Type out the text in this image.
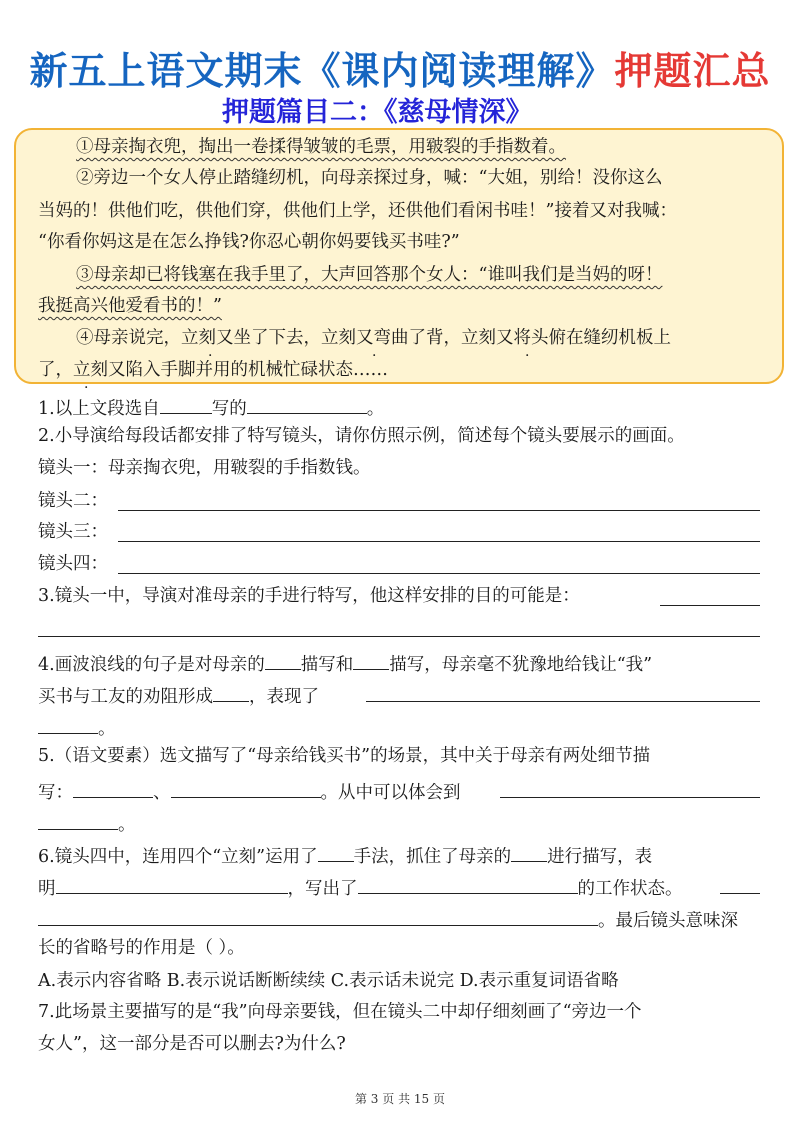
新五上语文期末《课内阅读理解》押题汇总
押题篇目二：《慈母情深》
①母亲掏衣兜，掏出一卷揉得皱皱的毛票，用皲裂的手指数着。
②旁边一个女人停止踏缝纫机，向母亲探过身，喊：“大姐，别给！没你这么
当妈的！供他们吃，供他们穿，供他们上学，还供他们看闲书哇！”接着又对我喊：
“你看你妈这是在怎么挣钱?你忍心朝你妈要钱买书哇?”
③母亲却已将钱塞在我手里了，大声回答那个女人：“谁叫我们是当妈的呀！
我挺高兴他爱看书的！”
④母亲说完，立刻又坐了下去，立刻又弯曲了背，立刻又将头俯在缝纫机板上
了，立刻又陷入手脚并用的机械忙碌状态……
·	·	·
·
1.以上文段选自	写的	。
2.小导演给每段话都安排了特写镜头，请你仿照示例，简述每个镜头要展示的画面。
镜头一：母亲掏衣兜，用皲裂的手指数钱。
镜头二：
镜头三：
镜头四：
3.镜头一中，导演对准母亲的手进行特写，他这样安排的目的可能是：
4.画波浪线的句子是对母亲的 描写和 描写，母亲毫不犹豫地给钱让“我”
买书与工友的劝阻形成 ，表现了
。
5.（语文要素）选文描写了“母亲给钱买书”的场景，其中关于母亲有两处细节描
写：	、	。从中可以体会到
。
6.镜头四中，连用四个“立刻”运用了 手法，抓住了母亲的 进行描写，表
明	，写出了	的工作状态。
。最后镜头意味深
长的省略号的作用是（ ）。
A.表示内容省略 B.表示说话断断续续 C.表示话未说完 D.表示重复词语省略
7.此场景主要描写的是“我”向母亲要钱，但在镜头二中却仔细刻画了“旁边一个
女人”，这一部分是否可以删去?为什么?
第 3 页 共 15 页
